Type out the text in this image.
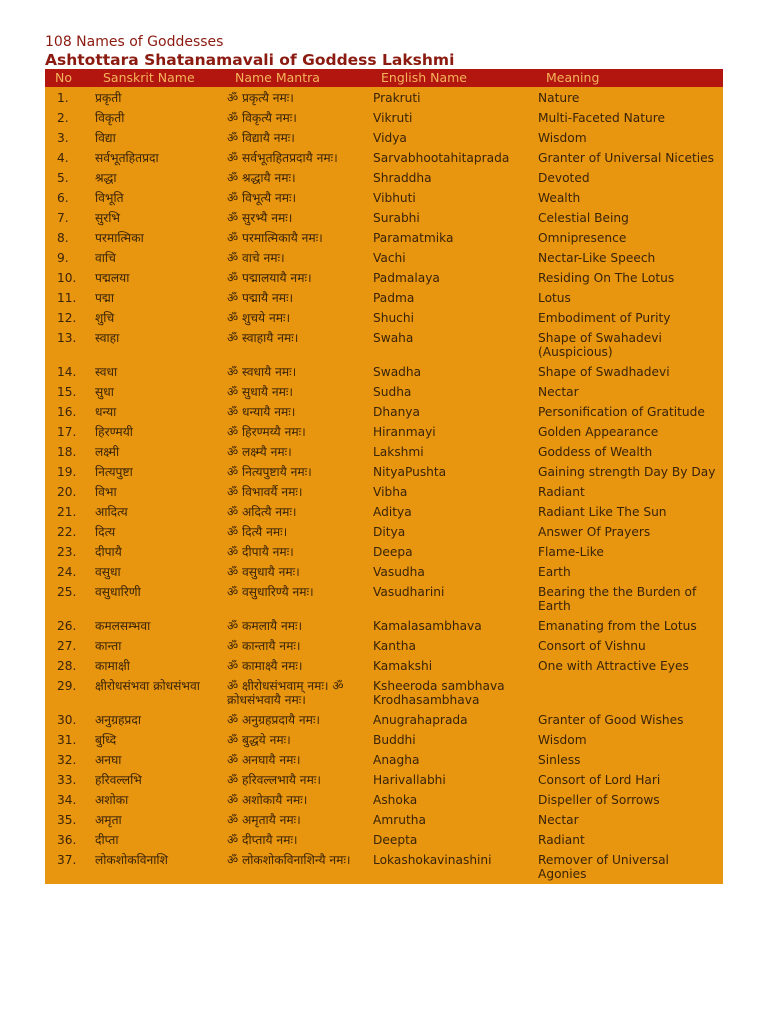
108 Names of Goddesses

Ashtottara Shatanamavali of Goddess Lakshmi

No	Sanskrit Name	Name Mantra	English Name	Meaning
1.	प्रकृती	ॐ प्रकृत्यै नमः।	Prakruti	Nature
2.	विकृती	ॐ विकृत्यै नमः।	Vikruti	Multi-Faceted Nature
3.	विद्या	ॐ विद्यायै नमः।	Vidya	Wisdom
4.	सर्वभूतहितप्रदा	ॐ सर्वभूतहितप्रदायै नमः।	Sarvabhootahitaprada	Granter of Universal Niceties
5.	श्रद्धा	ॐ श्रद्धायै नमः।	Shraddha	Devoted
6.	विभूति	ॐ विभूत्यै नमः।	Vibhuti	Wealth
7.	सुरभि	ॐ सुरभ्यै नमः।	Surabhi	Celestial Being
8.	परमात्मिका	ॐ परमात्मिकायै नमः।	Paramatmika	Omnipresence
9.	वाचि	ॐ वाचे नमः।	Vachi	Nectar-Like Speech
10.	पद्मलया	ॐ पद्मालयायै नमः।	Padmalaya	Residing On The Lotus
11.	पद्मा	ॐ पद्मायै नमः।	Padma	Lotus
12.	शुचि	ॐ शुचये नमः।	Shuchi	Embodiment of Purity
13.	स्वाहा	ॐ स्वाहायै नमः।	Swaha	Shape of Swahadevi (Auspicious)
14.	स्वधा	ॐ स्वधायै नमः।	Swadha	Shape of Swadhadevi
15.	सुधा	ॐ सुधायै नमः।	Sudha	Nectar
16.	धन्या	ॐ धन्यायै नमः।	Dhanya	Personification of Gratitude
17.	हिरण्मयी	ॐ हिरण्मय्यै नमः।	Hiranmayi	Golden Appearance
18.	लक्ष्मी	ॐ लक्ष्म्यै नमः।	Lakshmi	Goddess of Wealth
19.	नित्यपुष्टा	ॐ नित्यपुष्टायै नमः।	NityaPushta	Gaining strength Day By Day
20.	विभा	ॐ विभावर्यै नमः।	Vibha	Radiant
21.	आदित्य	ॐ अदित्यै नमः।	Aditya	Radiant Like The Sun
22.	दित्य	ॐ दित्यै नमः।	Ditya	Answer Of Prayers
23.	दीपायै	ॐ दीपायै नमः।	Deepa	Flame-Like
24.	वसुधा	ॐ वसुधायै नमः।	Vasudha	Earth
25.	वसुधारिणी	ॐ वसुधारिण्यै नमः।	Vasudharini	Bearing the the Burden of Earth
26.	कमलसम्भवा	ॐ कमलायै नमः।	Kamalasambhava	Emanating from the Lotus
27.	कान्ता	ॐ कान्तायै नमः।	Kantha	Consort of Vishnu
28.	कामाक्षी	ॐ कामाक्ष्यै नमः।	Kamakshi	One with Attractive Eyes
29.	क्षीरोधसंभवा क्रोधसंभवा	ॐ क्षीरोधसंभवाम् नमः। ॐ क्रोधसंभवायै नमः।	Ksheeroda sambhava Krodhasambhava	
30.	अनुग्रहप्रदा	ॐ अनुग्रहप्रदायै नमः।	Anugrahaprada	Granter of Good Wishes
31.	बुध्दि	ॐ बुद्धये नमः।	Buddhi	Wisdom
32.	अनघा	ॐ अनघायै नमः।	Anagha	Sinless
33.	हरिवल्लभि	ॐ हरिवल्लभायै नमः।	Harivallabhi	Consort of Lord Hari
34.	अशोका	ॐ अशोकायै नमः।	Ashoka	Dispeller of Sorrows
35.	अमृता	ॐ अमृतायै नमः।	Amrutha	Nectar
36.	दीप्ता	ॐ दीप्तायै नमः।	Deepta	Radiant
37.	लोकशोकविनाशि	ॐ लोकशोकविनाशिन्यै नमः।	Lokashokavinashini	Remover of Universal Agonies
